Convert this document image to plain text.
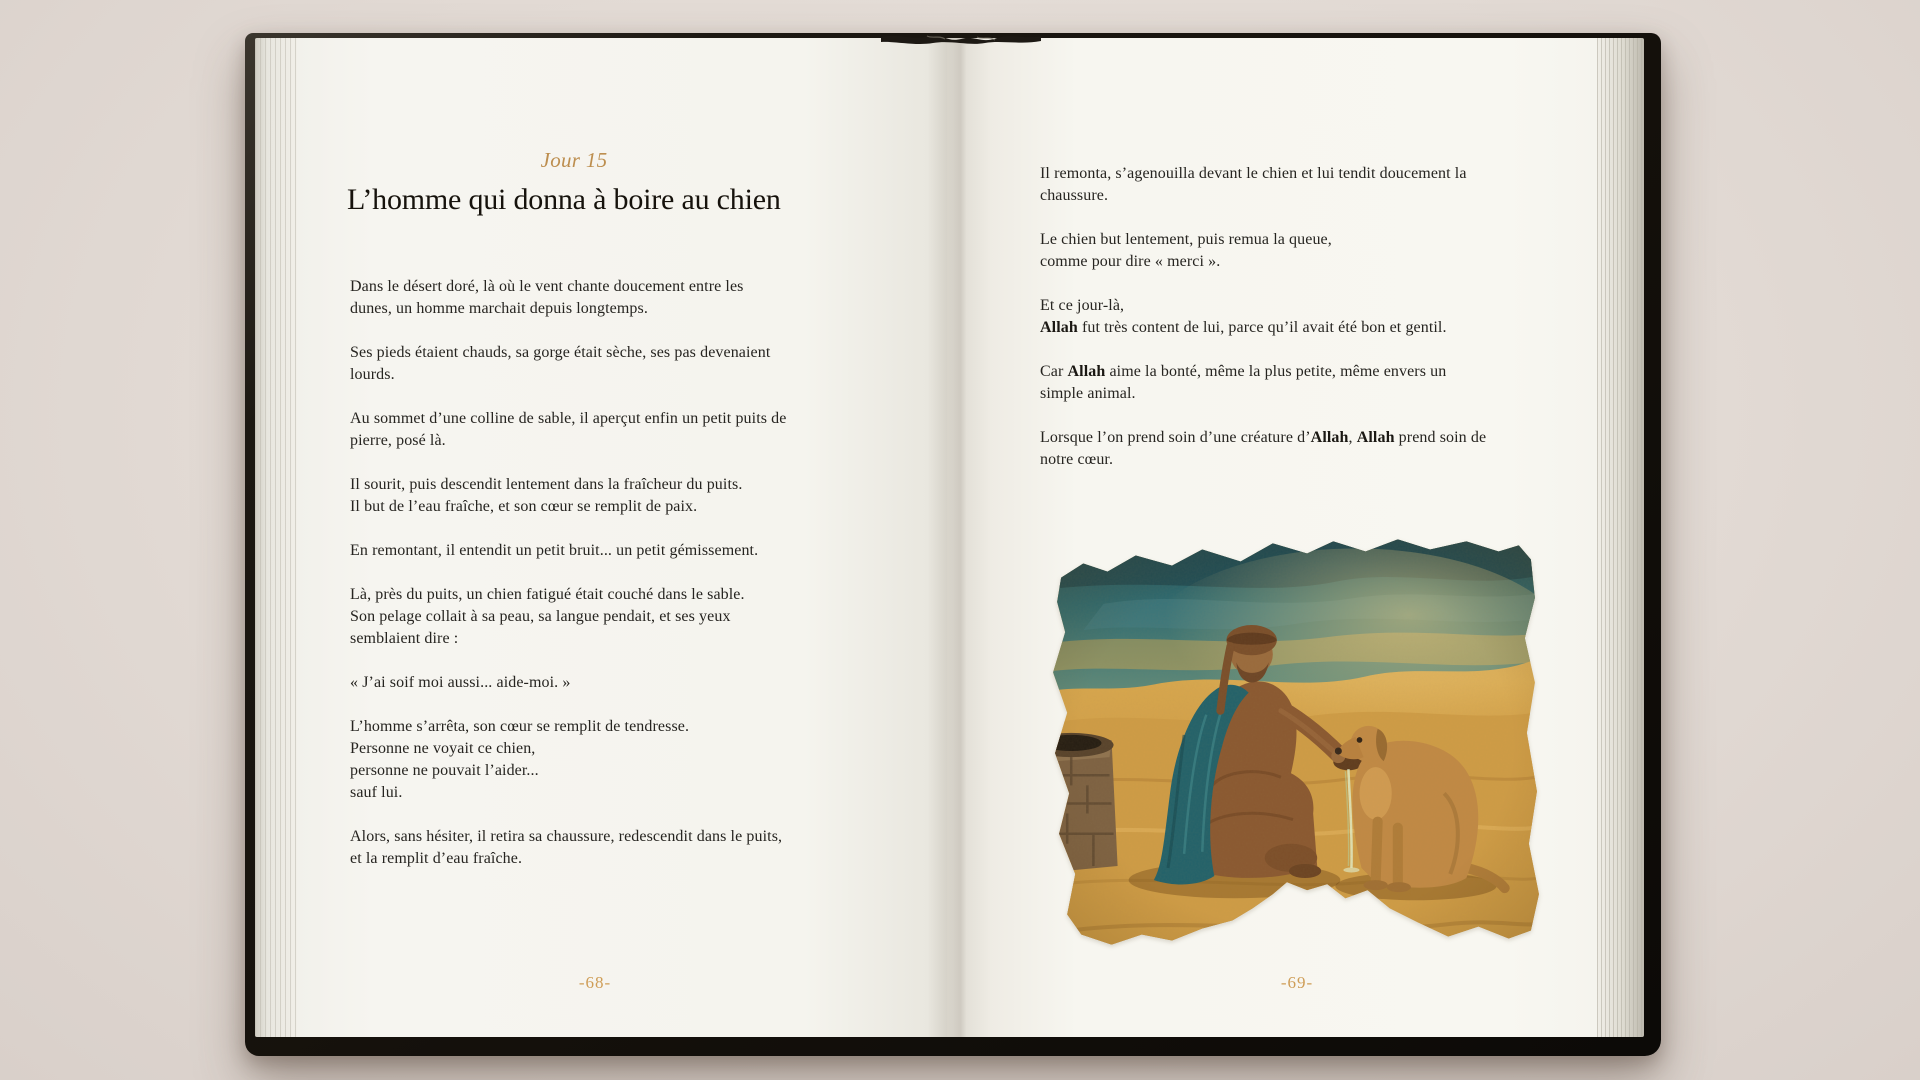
Jour 15
L’homme qui donna à boire au chien

Dans le désert doré, là où le vent chante doucement entre les
dunes, un homme marchait depuis longtemps.

Ses pieds étaient chauds, sa gorge était sèche, ses pas devenaient
lourds.

Au sommet d’une colline de sable, il aperçut enfin un petit puits de
pierre, posé là.

Il sourit, puis descendit lentement dans la fraîcheur du puits.
Il but de l’eau fraîche, et son cœur se remplit de paix.

En remontant, il entendit un petit bruit... un petit gémissement.

Là, près du puits, un chien fatigué était couché dans le sable.
Son pelage collait à sa peau, sa langue pendait, et ses yeux
semblaient dire :

« J’ai soif moi aussi... aide-moi. »

L’homme s’arrêta, son cœur se remplit de tendresse.
Personne ne voyait ce chien,
personne ne pouvait l’aider...
sauf lui.

Alors, sans hésiter, il retira sa chaussure, redescendit dans le puits,
et la remplit d’eau fraîche.

Il remonta, s’agenouilla devant le chien et lui tendit doucement la
chaussure.

Le chien but lentement, puis remua la queue,
comme pour dire « merci ».

Et ce jour-là,
Allah fut très content de lui, parce qu’il avait été bon et gentil.

Car Allah aime la bonté, même la plus petite, même envers un
simple animal.

Lorsque l’on prend soin d’une créature d’Allah, Allah prend soin de
notre cœur.

-68-	-69-
